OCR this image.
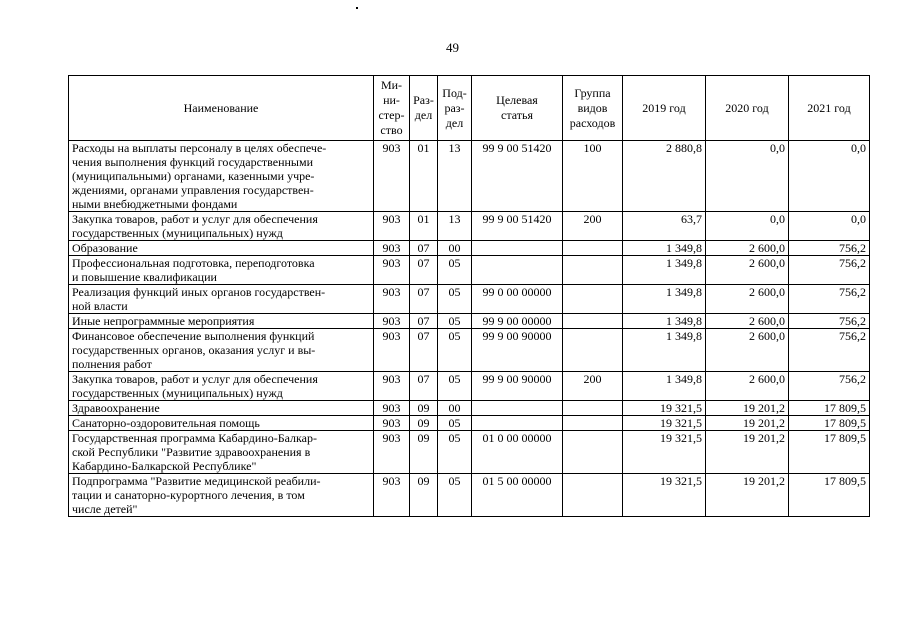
49
Наименование	Ми-
ни-
стер-
ство	Раз-
дел	Под-
раз-
дел	Целевая
статья	Группа
видов
расходов	2019 год	2020 год	2021 год
Расходы на выплаты персоналу в целях обеспече-
чения выполнения функций государственными
(муниципальными) органами, казенными учре-
ждениями, органами управления государствен-
ными внебюджетными фондами	903	01	13	99 9 00 51420	100	2 880,8	0,0	0,0
Закупка товаров, работ и услуг для обеспечения
государственных (муниципальных) нужд	903	01	13	99 9 00 51420	200	63,7	0,0	0,0
Образование	903	07	00			1 349,8	2 600,0	756,2
Профессиональная подготовка, переподготовка
и повышение квалификации	903	07	05			1 349,8	2 600,0	756,2
Реализация функций иных органов государствен-
ной власти	903	07	05	99 0 00 00000		1 349,8	2 600,0	756,2
Иные непрограммные мероприятия	903	07	05	99 9 00 00000		1 349,8	2 600,0	756,2
Финансовое обеспечение выполнения функций
государственных органов, оказания услуг и вы-
полнения работ	903	07	05	99 9 00 90000		1 349,8	2 600,0	756,2
Закупка товаров, работ и услуг для обеспечения
государственных (муниципальных) нужд	903	07	05	99 9 00 90000	200	1 349,8	2 600,0	756,2
Здравоохранение	903	09	00			19 321,5	19 201,2	17 809,5
Санаторно-оздоровительная помощь	903	09	05			19 321,5	19 201,2	17 809,5
Государственная программа Кабардино-Балкар-
ской Республики "Развитие здравоохранения в
Кабардино-Балкарской Республике"	903	09	05	01 0 00 00000		19 321,5	19 201,2	17 809,5
Подпрограмма "Развитие медицинской реабили-
тации и санаторно-курортного лечения, в том
числе детей"	903	09	05	01 5 00 00000		19 321,5	19 201,2	17 809,5
